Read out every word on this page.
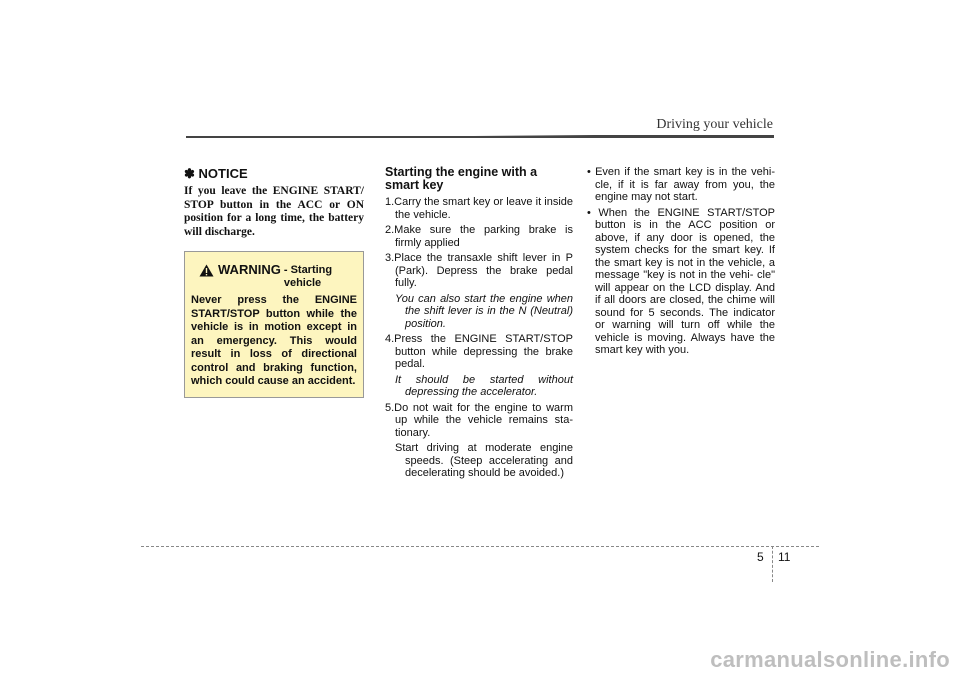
Driving your vehicle
✽ NOTICE

If you leave the ENGINE START/ STOP button in the ACC or ON position for a long time, the battery will discharge.

WARNING - Starting vehicle

Never press the ENGINE START/STOP button while the vehicle is in motion except in an emergency. This would result in loss of directional control and braking function, which could cause an accident.

Starting the engine with a smart key
1.Carry the smart key or leave it inside the vehicle.
2.Make sure the parking brake is firmly applied
3.Place the transaxle shift lever in P (Park). Depress the brake pedal fully.
You can also start the engine when the shift lever is in the N (Neutral) position.
4.Press the ENGINE START/STOP button while depressing the brake pedal.
It should be started without depressing the accelerator.
5.Do not wait for the engine to warm up while the vehicle remains sta- tionary.
Start driving at moderate engine speeds. (Steep accelerating and decelerating should be avoided.)
• Even if the smart key is in the vehi- cle, if it is far away from you, the engine may not start.
• When the ENGINE START/STOP button is in the ACC position or above, if any door is opened, the system checks for the smart key. If the smart key is not in the vehicle, a message "key is not in the vehi- cle" will appear on the LCD display. And if all doors are closed, the chime will sound for 5 seconds. The indicator or warning will turn off while the vehicle is moving. Always have the smart key with you.
5 11
carmanualsonline.info
